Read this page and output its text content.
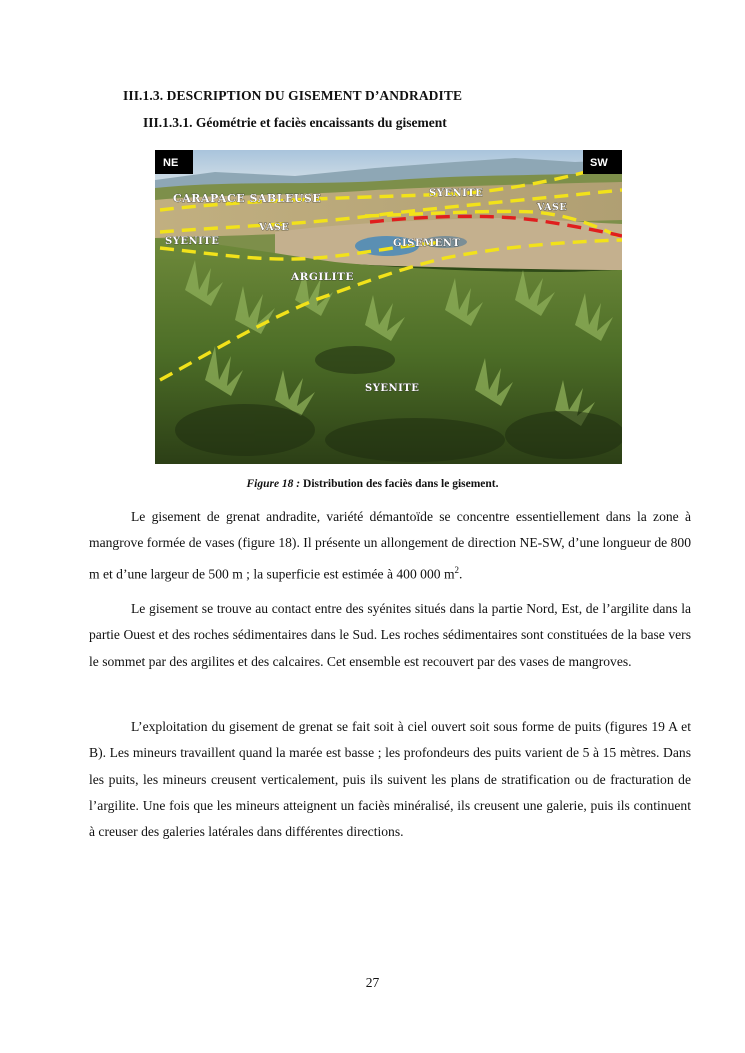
III.1.3. DESCRIPTION DU GISEMENT D’ANDRADITE
III.1.3.1. Géométrie et faciès encaissants du gisement
NE	SW
CARAPACE SABLEUSE	SYENITE
VASE
VASE
SYENITE	GISEMENT
ARGILITE
SYENITE
Figure 18 : Distribution des faciès dans le gisement.
Le gisement de grenat andradite, variété démantoïde se concentre essentiellement dans la zone à mangrove formée de vases (figure 18). Il présente un allongement de direction NE-SW, d’une longueur de 800 m et d’une largeur de 500 m ; la superficie est estimée à 400 000 $m^2$.
Le gisement se trouve au contact entre des syénites situés dans la partie Nord, Est, de l’argilite dans la partie Ouest et des roches sédimentaires dans le Sud. Les roches sédimentaires sont constituées de la base vers le sommet par des argilites et des calcaires. Cet ensemble est recouvert par des vases de mangroves.
L’exploitation du gisement de grenat se fait soit à ciel ouvert soit sous forme de puits (figures 19 A et B). Les mineurs travaillent quand la marée est basse ; les profondeurs des puits varient de 5 à 15 mètres. Dans les puits, les mineurs creusent verticalement, puis ils suivent les plans de stratification ou de fracturation de l’argilite. Une fois que les mineurs atteignent un faciès minéralisé, ils creusent une galerie, puis ils continuent à creuser des galeries latérales dans différentes directions.
27
